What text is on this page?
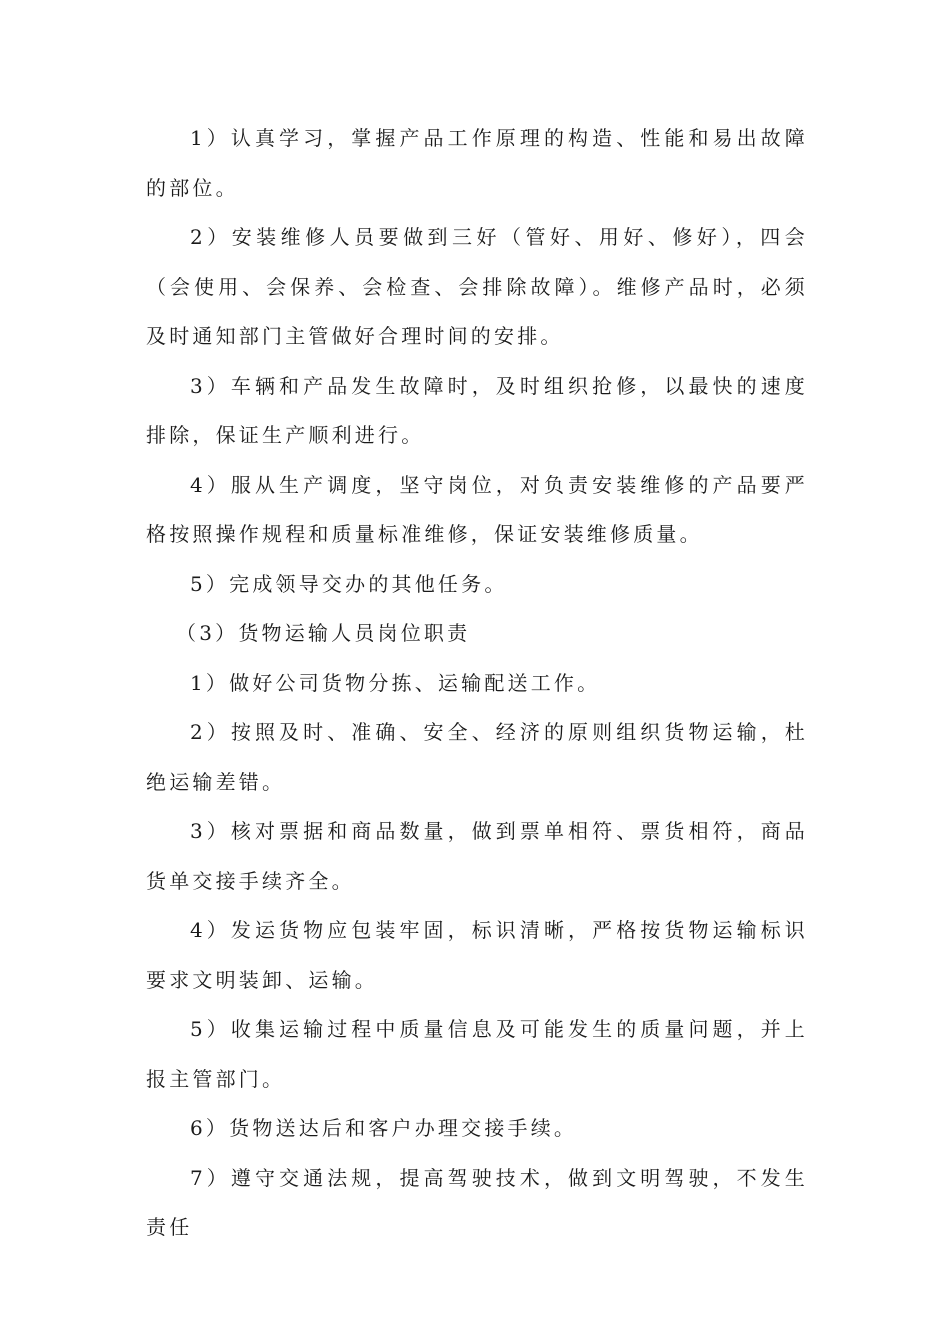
1）认真学习，掌握产品工作原理的构造、性能和易出故障的部位。

2）安装维修人员要做到三好（管好、用好、修好），四会（会使用、会保养、会检查、会排除故障）。维修产品时，必须及时通知部门主管做好合理时间的安排。

3）车辆和产品发生故障时，及时组织抢修，以最快的速度排除，保证生产顺利进行。

4）服从生产调度，坚守岗位，对负责安装维修的产品要严格按照操作规程和质量标准维修，保证安装维修质量。

5）完成领导交办的其他任务。

（3）货物运输人员岗位职责

1）做好公司货物分拣、运输配送工作。

2）按照及时、准确、安全、经济的原则组织货物运输，杜绝运输差错。

3）核对票据和商品数量，做到票单相符、票货相符，商品货单交接手续齐全。

4）发运货物应包装牢固，标识清晰，严格按货物运输标识要求文明装卸、运输。

5）收集运输过程中质量信息及可能发生的质量问题，并上报主管部门。

6）货物送达后和客户办理交接手续。

7）遵守交通法规，提高驾驶技术，做到文明驾驶，不发生责任
